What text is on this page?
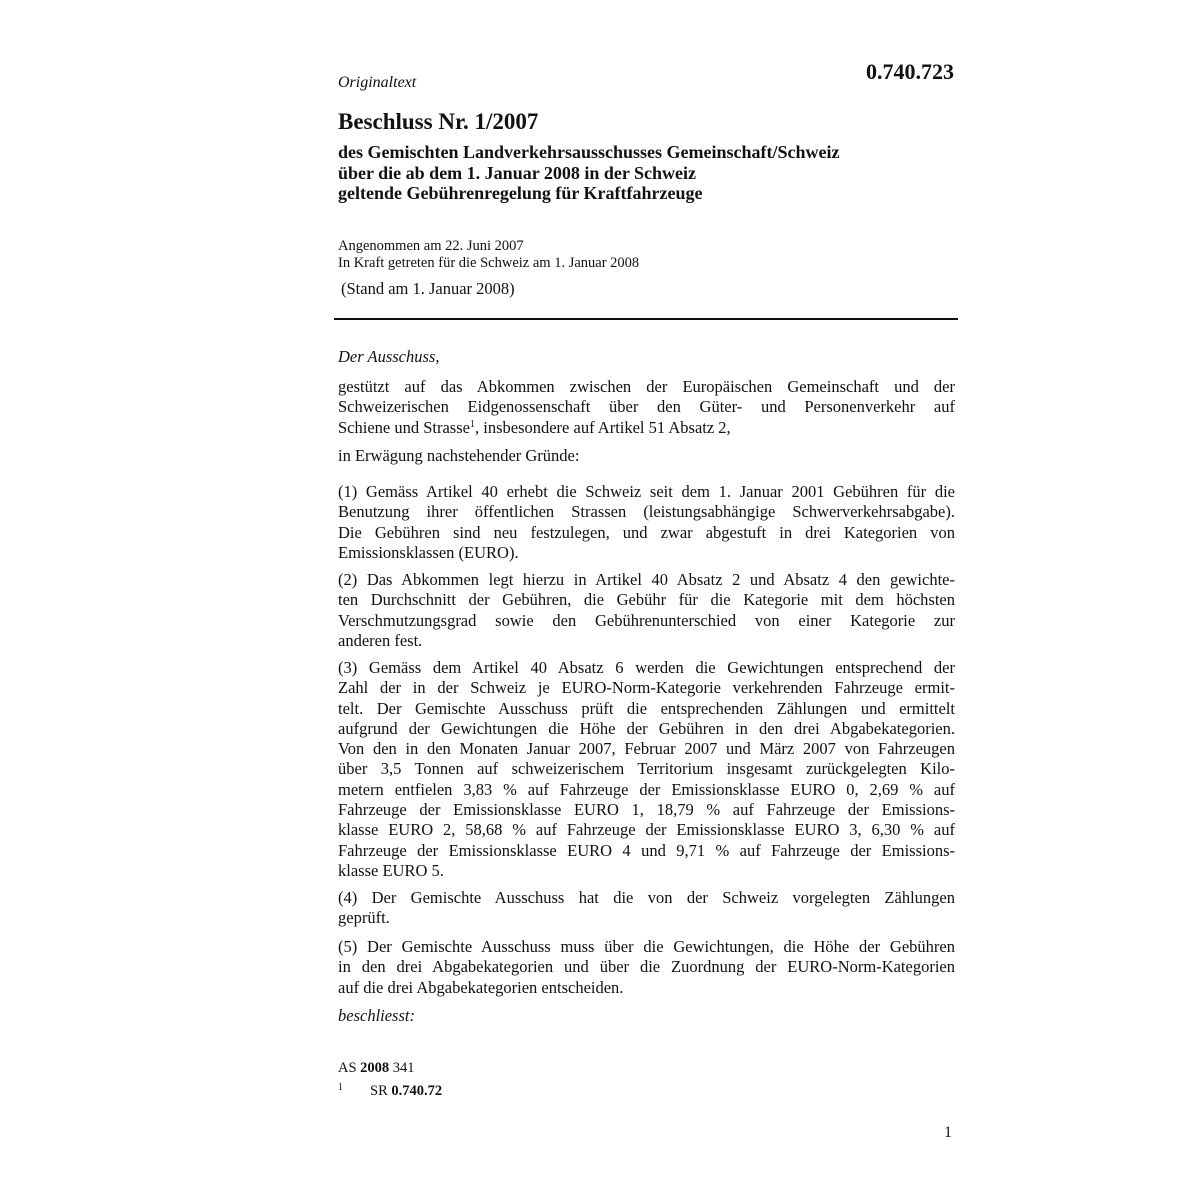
Originaltext	0.740.723

Beschluss Nr. 1/2007
des Gemischten Landverkehrsausschusses Gemeinschaft/Schweiz
über die ab dem 1. Januar 2008 in der Schweiz
geltende Gebührenregelung für Kraftfahrzeuge
Angenommen am 22. Juni 2007
In Kraft getreten für die Schweiz am 1. Januar 2008

(Stand am 1. Januar 2008)

Der Ausschuss,

gestützt auf das Abkommen zwischen der Europäischen Gemeinschaft und der
Schweizerischen Eidgenossenschaft über den Güter- und Personenverkehr auf
Schiene und Strasse$^1$, insbesondere auf Artikel 51 Absatz 2,

in Erwägung nachstehender Gründe:

(1) Gemäss Artikel 40 erhebt die Schweiz seit dem 1. Januar 2001 Gebühren für die
Benutzung ihrer öffentlichen Strassen (leistungsabhängige Schwerverkehrsabgabe).
Die Gebühren sind neu festzulegen, und zwar abgestuft in drei Kategorien von
Emissionsklassen (EURO).
(2) Das Abkommen legt hierzu in Artikel 40 Absatz 2 und Absatz 4 den gewichte-
ten Durchschnitt der Gebühren, die Gebühr für die Kategorie mit dem höchsten
Verschmutzungsgrad sowie den Gebührenunterschied von einer Kategorie zur
anderen fest.
(3) Gemäss dem Artikel 40 Absatz 6 werden die Gewichtungen entsprechend der
Zahl der in der Schweiz je EURO-Norm-Kategorie verkehrenden Fahrzeuge ermit-
telt. Der Gemischte Ausschuss prüft die entsprechenden Zählungen und ermittelt
aufgrund der Gewichtungen die Höhe der Gebühren in den drei Abgabekategorien.
Von den in den Monaten Januar 2007, Februar 2007 und März 2007 von Fahrzeugen
über 3,5 Tonnen auf schweizerischem Territorium insgesamt zurückgelegten Kilo-
metern entfielen 3,83 % auf Fahrzeuge der Emissionsklasse EURO 0, 2,69 % auf
Fahrzeuge der Emissionsklasse EURO 1, 18,79 % auf Fahrzeuge der Emissions-
klasse EURO 2, 58,68 % auf Fahrzeuge der Emissionsklasse EURO 3, 6,30 % auf
Fahrzeuge der Emissionsklasse EURO 4 und 9,71 % auf Fahrzeuge der Emissions-
klasse EURO 5.
(4) Der Gemischte Ausschuss hat die von der Schweiz vorgelegten Zählungen
geprüft.
(5) Der Gemischte Ausschuss muss über die Gewichtungen, die Höhe der Gebühren
in den drei Abgabekategorien und über die Zuordnung der EURO-Norm-Kategorien
auf die drei Abgabekategorien entscheiden.

beschliesst:

AS 2008 341
1 SR 0.740.72

1
